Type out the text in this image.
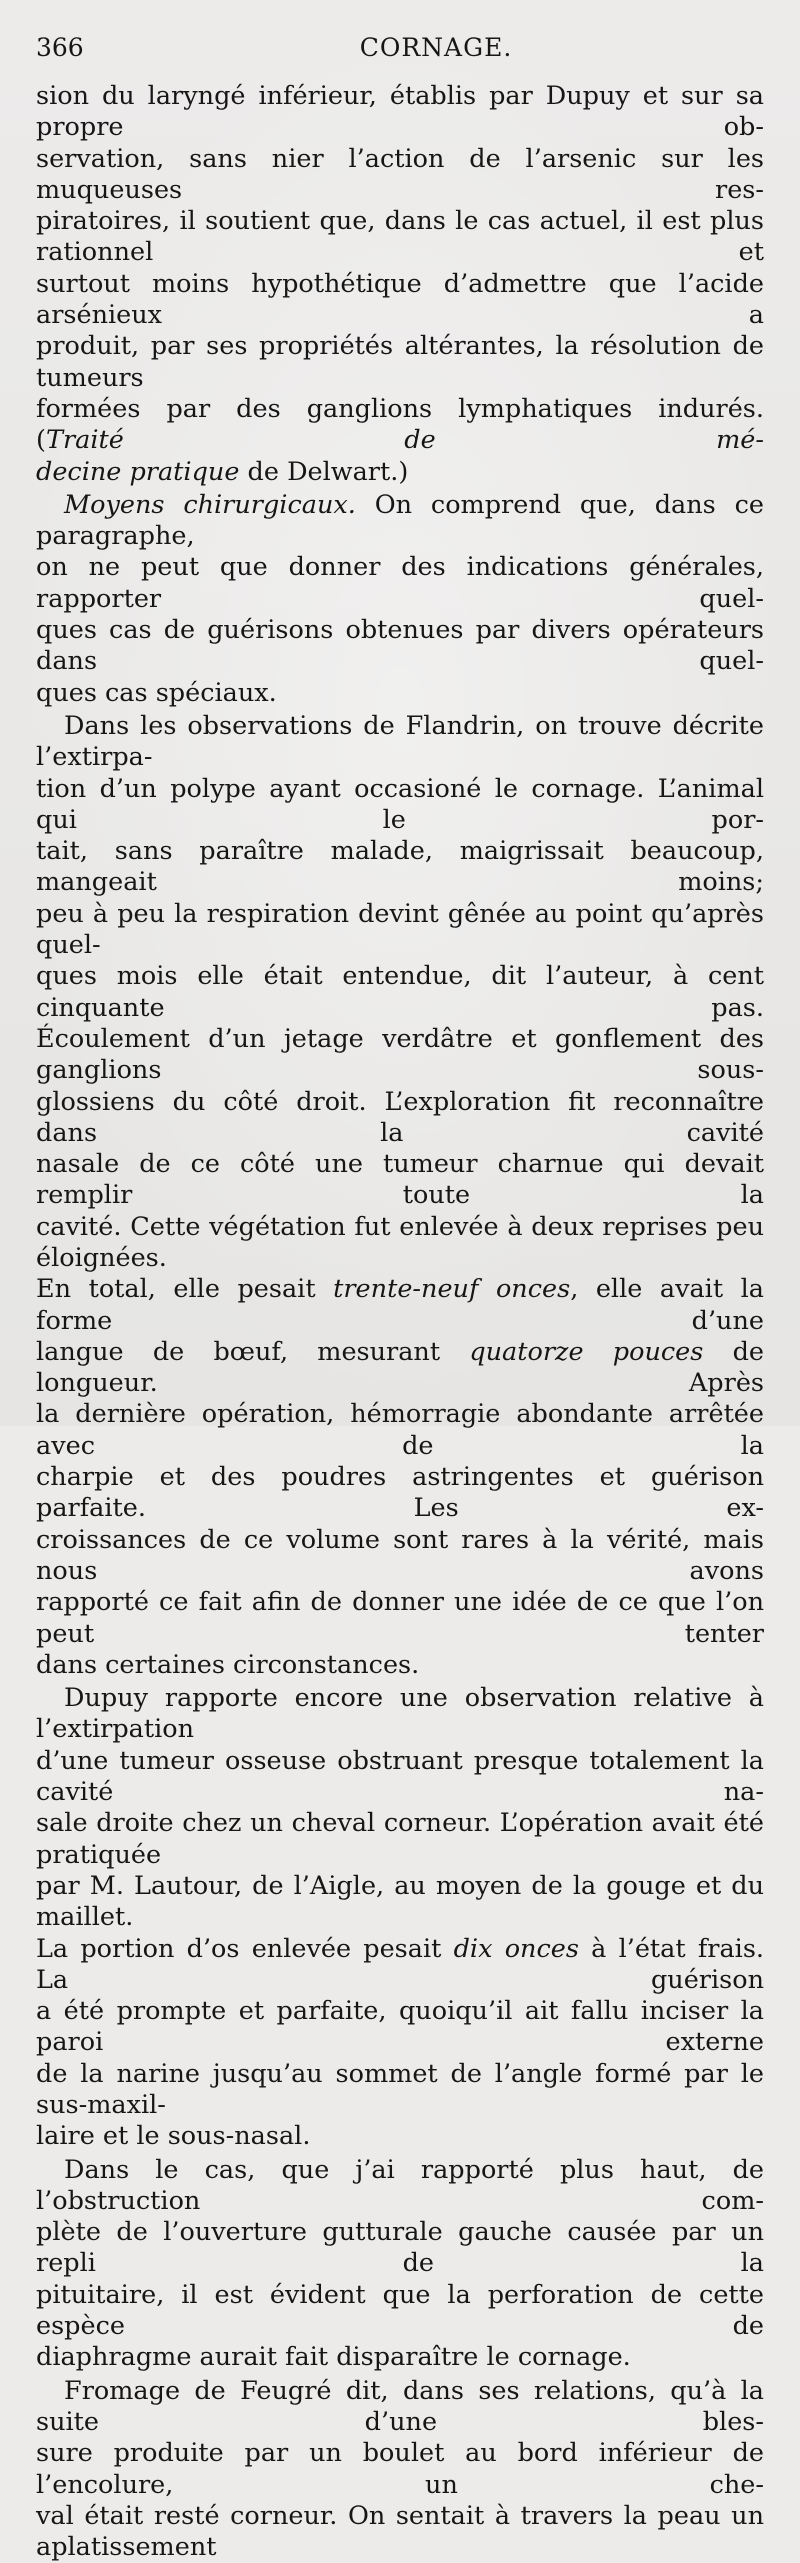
366	CORNAGE.
sion du laryngé inférieur, établis par Dupuy et sur sa propre ob-
servation, sans nier l’action de l’arsenic sur les muqueuses res-
piratoires, il soutient que, dans le cas actuel, il est plus rationnel et
surtout moins hypothétique d’admettre que l’acide arsénieux a
produit, par ses propriétés altérantes, la résolution de tumeurs
formées par des ganglions lymphatiques indurés. (Traité de mé-
decine pratique de Delwart.)
Moyens chirurgicaux. On comprend que, dans ce paragraphe,
on ne peut que donner des indications générales, rapporter quel-
ques cas de guérisons obtenues par divers opérateurs dans quel-
ques cas spéciaux.
Dans les observations de Flandrin, on trouve décrite l’extirpa-
tion d’un polype ayant occasioné le cornage. L’animal qui le por-
tait, sans paraître malade, maigrissait beaucoup, mangeait moins;
peu à peu la respiration devint gênée au point qu’après quel-
ques mois elle était entendue, dit l’auteur, à cent cinquante pas.
Écoulement d’un jetage verdâtre et gonflement des ganglions sous-
glossiens du côté droit. L’exploration fit reconnaître dans la cavité
nasale de ce côté une tumeur charnue qui devait remplir toute la
cavité. Cette végétation fut enlevée à deux reprises peu éloignées.
En total, elle pesait trente-neuf onces, elle avait la forme d’une
langue de bœuf, mesurant quatorze pouces de longueur. Après
la dernière opération, hémorragie abondante arrêtée avec de la
charpie et des poudres astringentes et guérison parfaite. Les ex-
croissances de ce volume sont rares à la vérité, mais nous avons
rapporté ce fait afin de donner une idée de ce que l’on peut tenter
dans certaines circonstances.
Dupuy rapporte encore une observation relative à l’extirpation
d’une tumeur osseuse obstruant presque totalement la cavité na-
sale droite chez un cheval corneur. L’opération avait été pratiquée
par M. Lautour, de l’Aigle, au moyen de la gouge et du maillet.
La portion d’os enlevée pesait dix onces à l’état frais. La guérison
a été prompte et parfaite, quoiqu’il ait fallu inciser la paroi externe
de la narine jusqu’au sommet de l’angle formé par le sus-maxil-
laire et le sous-nasal.
Dans le cas, que j’ai rapporté plus haut, de l’obstruction com-
plète de l’ouverture gutturale gauche causée par un repli de la
pituitaire, il est évident que la perforation de cette espèce de
diaphragme aurait fait disparaître le cornage.
Fromage de Feugré dit, dans ses relations, qu’à la suite d’une bles-
sure produite par un boulet au bord inférieur de l’encolure, un che-
val était resté corneur. On sentait à travers la peau un aplatissement
